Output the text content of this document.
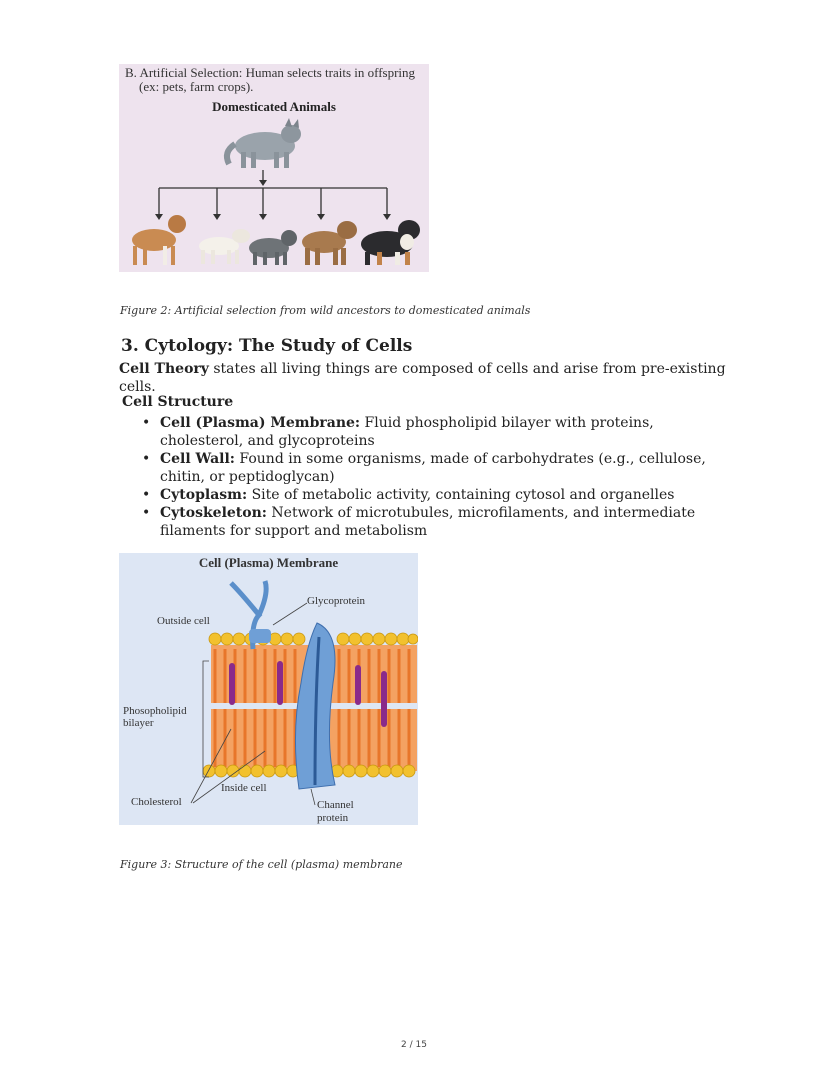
B. Artificial Selection: Human selects traits in offspring
(ex: pets, farm crops).
Domesticated Animals
Figure 2: Artificial selection from wild ancestors to domesticated animals
3. Cytology: The Study of Cells
Cell Theory states all living things are composed of cells and arise from pre-existing cells.
Cell Structure
• Cell (Plasma) Membrane: Fluid phospholipid bilayer with proteins, cholesterol, and glycoproteins
• Cell Wall: Found in some organisms, made of carbohydrates (e.g., cellulose, chitin, or peptidoglycan)
• Cytoplasm: Site of metabolic activity, containing cytosol and organelles
• Cytoskeleton: Network of microtubules, microfilaments, and intermediate filaments for support and metabolism
Cell (Plasma) Membrane
Glycoprotein
Outside cell
Phosopholipid
bilayer
Inside cell
Cholesterol	Channel
protein
Figure 3: Structure of the cell (plasma) membrane
2 / 15
